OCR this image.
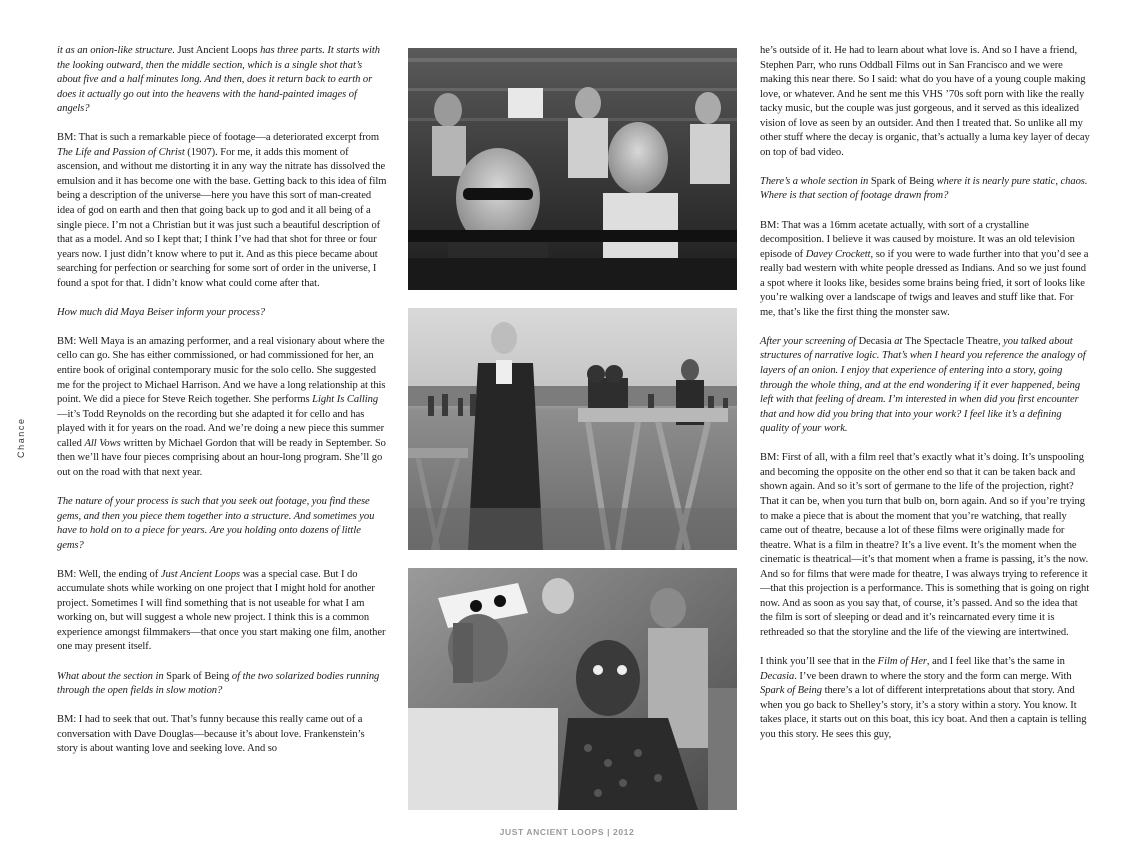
Chance

it as an onion-like structure. Just Ancient Loops has three parts. It starts with the looking outward, then the middle section, which is a single shot that’s about five and a half minutes long. And then, does it return back to earth or does it actually go out into the heavens with the hand-painted images of angels?

BM: That is such a remarkable piece of footage—a deteriorated excerpt from The Life and Passion of Christ (1907). For me, it adds this moment of ascension, and without me distorting it in any way the nitrate has dissolved the emulsion and it has become one with the base. Getting back to this idea of film being a description of the universe—here you have this sort of man-created idea of god on earth and then that going back up to god and it all being of a single piece. I’m not a Christian but it was just such a beautiful description of that as a model. And so I kept that; I think I’ve had that shot for three or four years now. I just didn’t know where to put it. And as this piece became about searching for perfection or searching for some sort of order in the universe, I found a spot for that. I didn’t know what could come after that.

How much did Maya Beiser inform your process?

BM: Well Maya is an amazing performer, and a real visionary about where the cello can go. She has either commissioned, or had commissioned for her, an entire book of original contemporary music for the solo cello. She suggested me for the project to Michael Harrison. And we have a long relationship at this point. We did a piece for Steve Reich together. She performs Light Is Calling—it’s Todd Reynolds on the recording but she adapted it for cello and has played with it for years on the road. And we’re doing a new piece this summer called All Vows written by Michael Gordon that will be ready in September. So then we’ll have four pieces comprising about an hour-long program. She’ll go out on the road with that next year.

The nature of your process is such that you seek out footage, you find these gems, and then you piece them together into a structure. And sometimes you have to hold on to a piece for years. Are you holding onto dozens of little gems?

BM: Well, the ending of Just Ancient Loops was a special case. But I do accumulate shots while working on one project that I might hold for another project. Sometimes I will find something that is not useable for what I am working on, but will suggest a whole new project. I think this is a common experience amongst filmmakers—that once you start making one film, another one may present itself.

What about the section in Spark of Being of the two solarized bodies running through the open fields in slow motion?

BM: I had to seek that out. That’s funny because this really came out of a conversation with Dave Douglas—because it’s about love. Frankenstein’s story is about wanting love and seeking love. And so

he’s outside of it. He had to learn about what love is. And so I have a friend, Stephen Parr, who runs Oddball Films out in San Francisco and we were making this near there. So I said: what do you have of a young couple making love, or whatever. And he sent me this VHS ’70s soft porn with like the really tacky music, but the couple was just gorgeous, and it served as this idealized vision of love as seen by an outsider. And then I treated that. So unlike all my other stuff where the decay is organic, that’s actually a luma key layer of decay on top of bad video.

There’s a whole section in Spark of Being where it is nearly pure static, chaos. Where is that section of footage drawn from?

BM: That was a 16mm acetate actually, with sort of a crystalline decomposition. I believe it was caused by moisture. It was an old television episode of Davey Crockett, so if you were to wade further into that you’d see a really bad western with white people dressed as Indians. And so we just found a spot where it looks like, besides some brains being fried, it sort of looks like you’re walking over a landscape of twigs and leaves and stuff like that. For me, that’s like the first thing the monster saw.

After your screening of Decasia at The Spectacle Theatre, you talked about structures of narrative logic. That’s when I heard you reference the analogy of layers of an onion. I enjoy that experience of entering into a story, going through the whole thing, and at the end wondering if it ever happened, being left with that feeling of dream. I’m interested in when did you first encounter that and how did you bring that into your work? I feel like it’s a defining quality of your work.

BM: First of all, with a film reel that’s exactly what it’s doing. It’s unspooling and becoming the opposite on the other end so that it can be taken back and shown again. And so it’s sort of germane to the life of the projection, right? That it can be, when you turn that bulb on, born again. And so if you’re trying to make a piece that is about the moment that you’re watching, that really came out of theatre, because a lot of these films were originally made for theatre. What is a film in theatre? It’s a live event. It’s the moment when the cinematic is theatrical—it’s that moment when a frame is passing, it’s the now. And so for films that were made for theatre, I was always trying to reference it—that this projection is a performance. This is something that is going on right now. And as soon as you say that, of course, it’s passed. And so the idea that the film is sort of sleeping or dead and it’s reincarnated every time it is rethreaded so that the storyline and the life of the viewing are intertwined.

I think you’ll see that in the Film of Her, and I feel like that’s the same in Decasia. I’ve been drawn to where the story and the form can merge. With Spark of Being there’s a lot of different interpretations about that story. And when you go back to Shelley’s story, it’s a story within a story. You know. It takes place, it starts out on this boat, this icy boat. And then a captain is telling you this story. He sees this guy,

JUST ANCIENT LOOPS | 2012
